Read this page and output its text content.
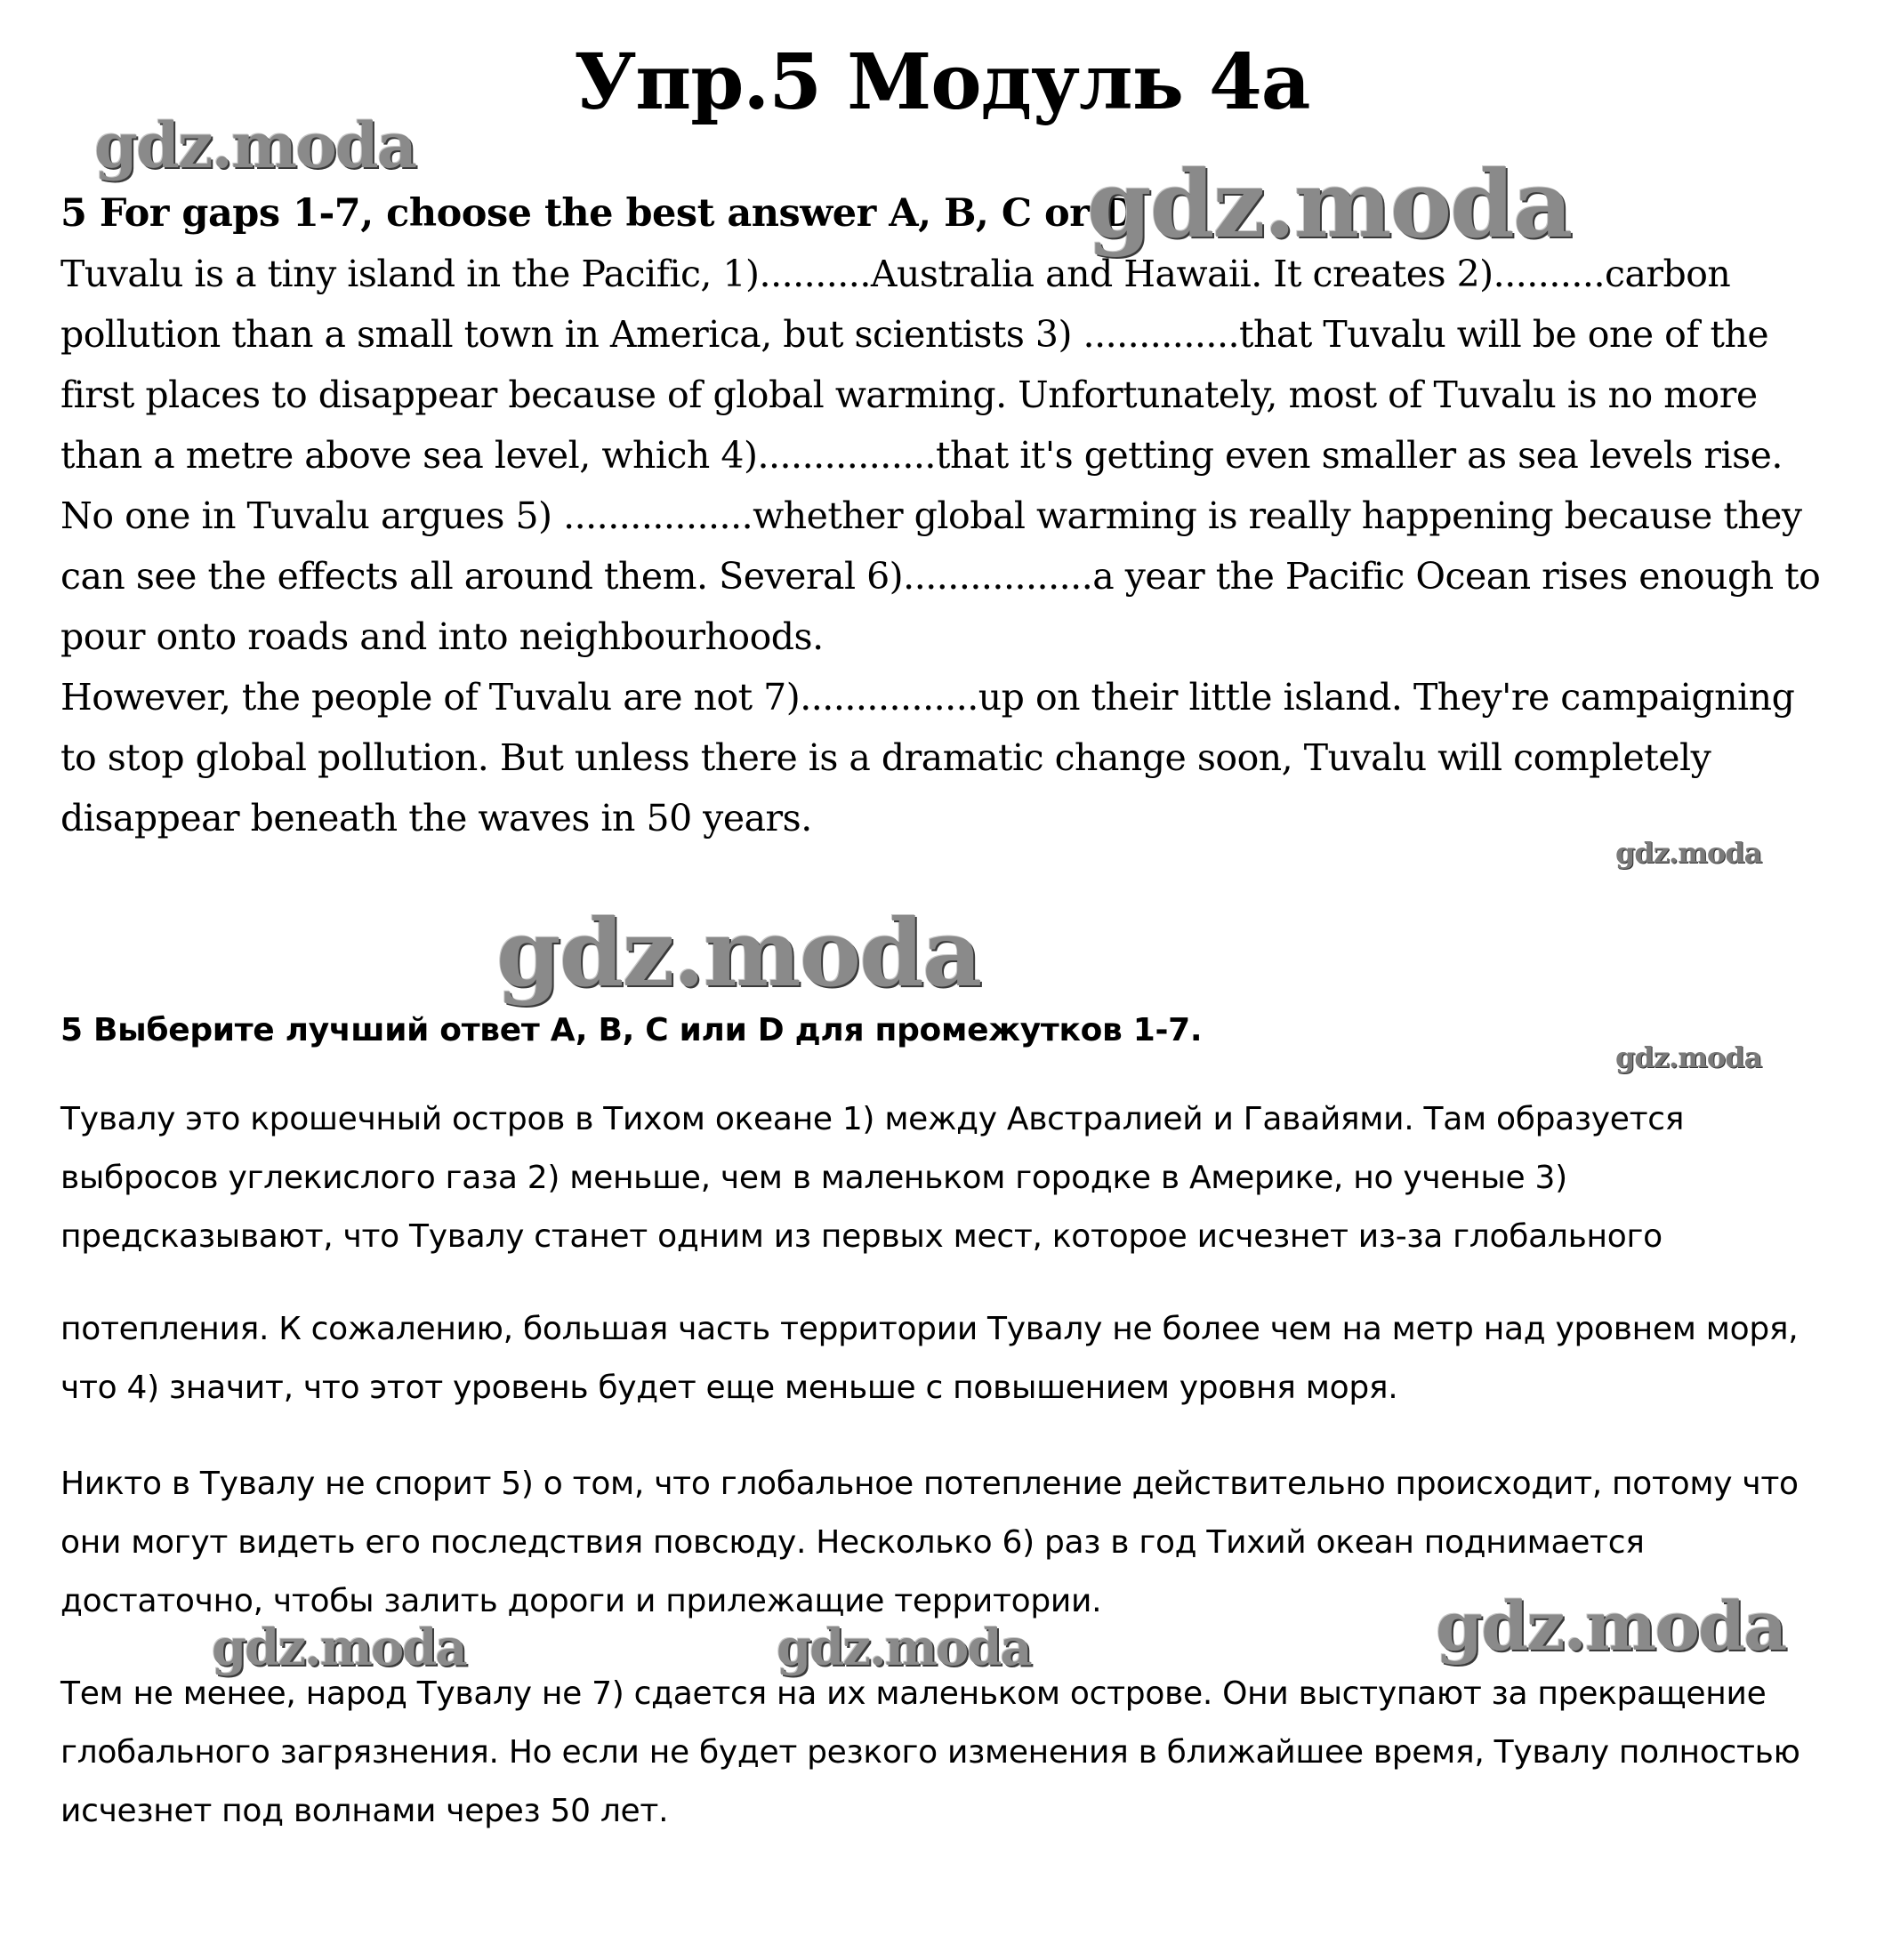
Упр.5 Модуль 4а

5 For gaps 1-7, choose the best answer A, B, C or D.

Tuvalu is a tiny island in the Pacific, 1)..........Australia and Hawaii. It creates 2)..........carbon pollution than a small town in America, but scientists 3) ..............that Tuvalu will be one of the first places to disappear because of global warming. Unfortunately, most of Tuvalu is no more than a metre above sea level, which 4)................that it's getting even smaller as sea levels rise.

No one in Tuvalu argues 5) .................whether global warming is really happening because they can see the effects all around them. Several 6).................a year the Pacific Ocean rises enough to pour onto roads and into neighbourhoods.

However, the people of Tuvalu are not 7)................up on their little island. They're campaigning to stop global pollution. But unless there is a dramatic change soon, Tuvalu will completely disappear beneath the waves in 50 years.

5 Выберите лучший ответ A, B, C или D для промежутков 1-7.

Тувалу это крошечный остров в Тихом океане 1) между Австралией и Гавайями. Там образуется выбросов углекислого газа 2) меньше, чем в маленьком городке в Америке, но ученые 3) предсказывают, что Тувалу станет одним из первых мест, которое исчезнет из-за глобального

потепления. К сожалению, большая часть территории Тувалу не более чем на метр над уровнем моря, что 4) значит, что этот уровень будет еще меньше с повышением уровня моря.

Никто в Тувалу не спорит 5) о том, что глобальное потепление действительно происходит, потому что они могут видеть его последствия повсюду. Несколько 6) раз в год Тихий океан поднимается достаточно, чтобы залить дороги и прилежащие территории.

Тем не менее, народ Тувалу не 7) сдается на их маленьком острове. Они выступают за прекращение глобального загрязнения. Но если не будет резкого изменения в ближайшее время, Тувалу полностью исчезнет под волнами через 50 лет.

gdz.moda
gdz.moda
gdz.moda
gdz.moda
gdz.moda
gdz.moda	gdz.moda	gdz.moda
